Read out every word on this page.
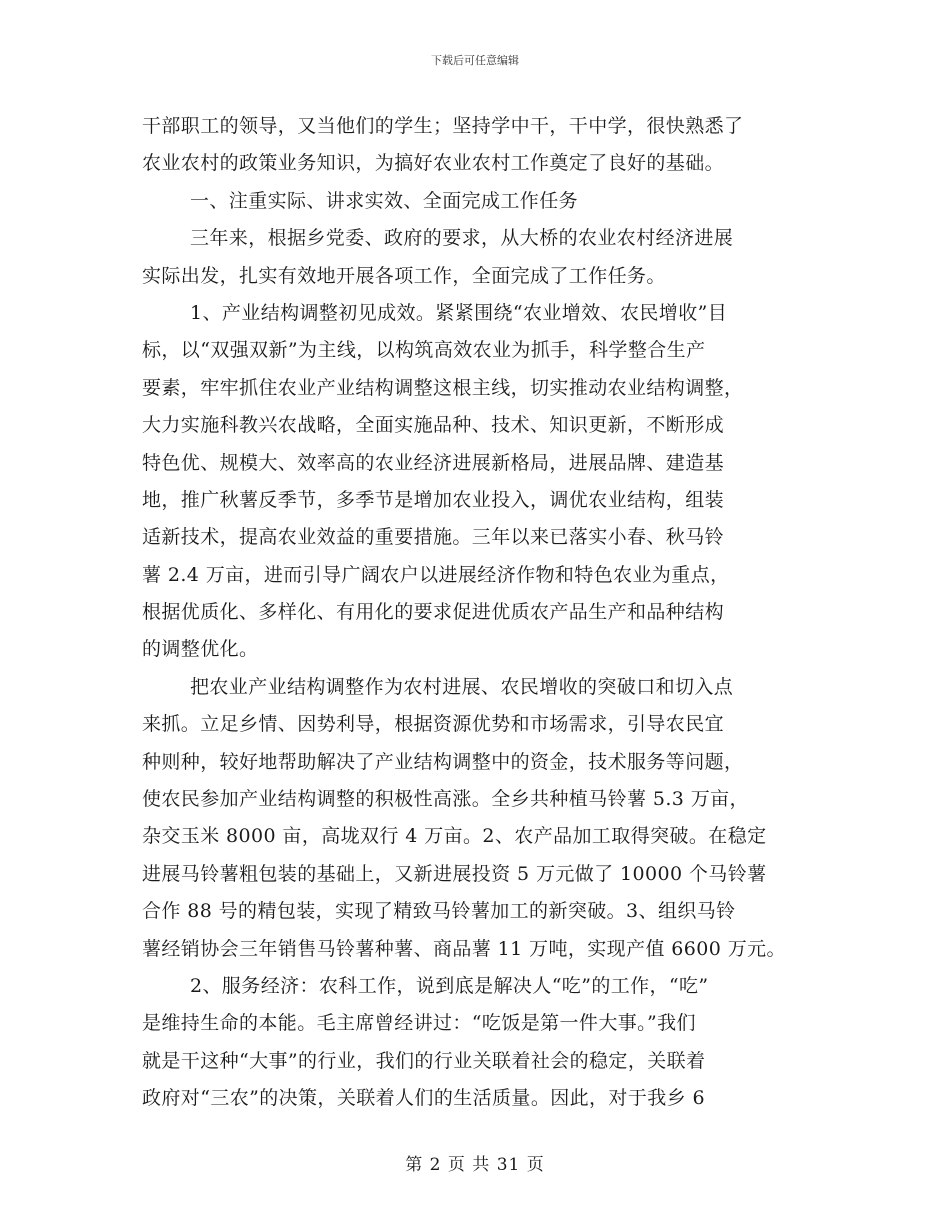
下载后可任意编辑
干部职工的领导，又当他们的学生；坚持学中干，干中学，很快熟悉了
农业农村的政策业务知识，为搞好农业农村工作奠定了良好的基础。
一、注重实际、讲求实效、全面完成工作任务
三年来，根据乡党委、政府的要求，从大桥的农业农村经济进展
实际出发，扎实有效地开展各项工作，全面完成了工作任务。
1、产业结构调整初见成效。紧紧围绕“农业增效、农民增收”目
标，以“双强双新”为主线，以构筑高效农业为抓手，科学整合生产
要素，牢牢抓住农业产业结构调整这根主线，切实推动农业结构调整，
大力实施科教兴农战略，全面实施品种、技术、知识更新，不断形成
特色优、规模大、效率高的农业经济进展新格局，进展品牌、建造基
地，推广秋薯反季节，多季节是增加农业投入，调优农业结构，组装
适新技术，提高农业效益的重要措施。三年以来已落实小春、秋马铃
薯 2.4 万亩，进而引导广阔农户以进展经济作物和特色农业为重点，
根据优质化、多样化、有用化的要求促进优质农产品生产和品种结构
的调整优化。
把农业产业结构调整作为农村进展、农民增收的突破口和切入点
来抓。立足乡情、因势利导，根据资源优势和市场需求，引导农民宜
种则种，较好地帮助解决了产业结构调整中的资金，技术服务等问题，
使农民参加产业结构调整的积极性高涨。全乡共种植马铃薯 5.3 万亩，
杂交玉米 8000 亩，高垅双行 4 万亩。2、农产品加工取得突破。在稳定
进展马铃薯粗包装的基础上，又新进展投资 5 万元做了 10000 个马铃薯
合作 88 号的精包装，实现了精致马铃薯加工的新突破。3、组织马铃
薯经销协会三年销售马铃薯种薯、商品薯 11 万吨，实现产值 6600 万元。
2、服务经济：农科工作，说到底是解决人“吃”的工作，“吃”
是维持生命的本能。毛主席曾经讲过：“吃饭是第一件大事。”我们
就是干这种“大事”的行业，我们的行业关联着社会的稳定，关联着
政府对“三农”的决策，关联着人们的生活质量。因此，对于我乡 6
第 2 页 共 31 页
